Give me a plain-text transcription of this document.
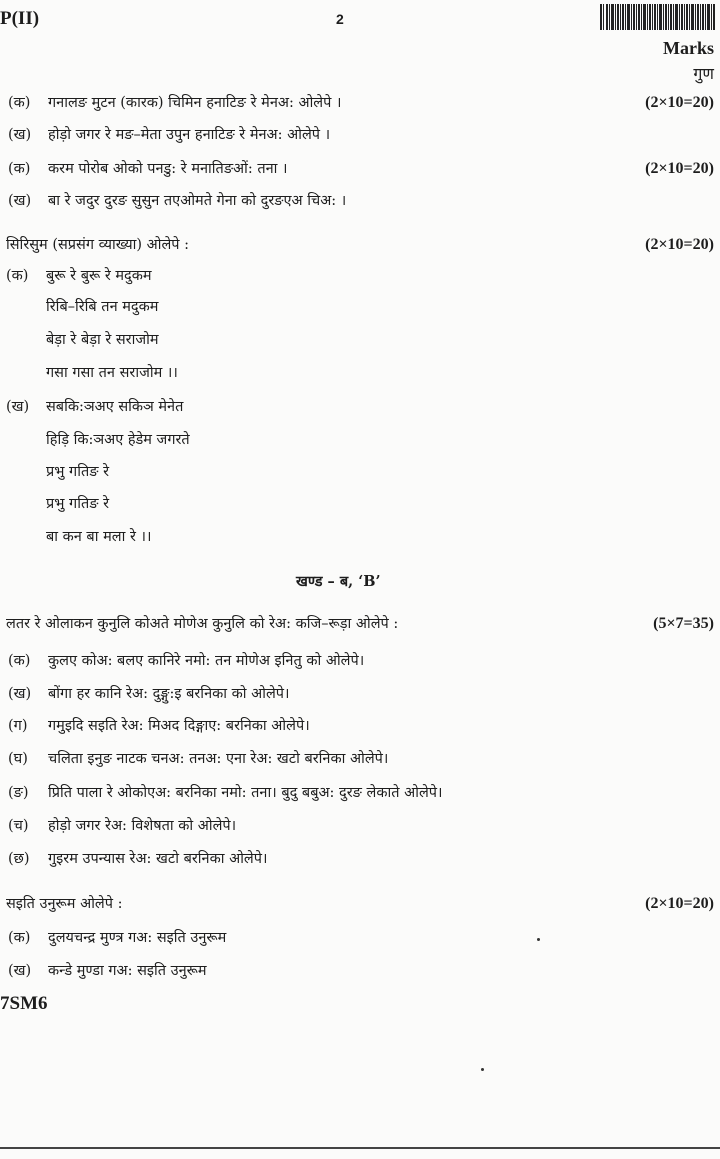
P(II)	2
Marks
गुण
(क) गनालङ मुटन (कारक) चिमिन हनाटिङ रे मेनअ: ओलेपे ।	(2×10=20)
(ख) होड़ो जगर रे मङ–मेता उपुन हनाटिङ रे मेनअ: ओलेपे ।
(क) करम पोरोब ओको पनडु: रे मनातिङओं: तना ।	(2×10=20)
(ख) बा रे जदुर दुरङ सुसुन तएओमते गेना को दुरङएअ चिअ: ।
सिरिसुम (सप्रसंग व्याख्या) ओलेपे :	(2×10=20)
(क) बुरू रे बुरू रे मदुकम
रिबि–रिबि तन मदुकम
बेड़ा रे बेड़ा रे सराजोम
गसा गसा तन सराजोम ।।
(ख) सबकि:ञअए सकिञ मेनेत
हिड़ि कि:ञअए हेडेम जगरते
प्रभु गतिङ रे
प्रभु गतिङ रे
बा कन बा मला रे ।।
खण्ड – ब, ‘B’
लतर रे ओलाकन कुनुलि कोअते मोणेअ कुनुलि को रेअ: कजि–रूड़ा ओलेपे :	(5×7=35)
(क) कुलए कोअ: बलए कानिरे नमो: तन मोणेअ इनितु को ओलेपे।
(ख) बोंगा हर कानि रेअ: दुङ्गु:इ बरनिका को ओलेपे।
(ग) गमुइदि सइति रेअ: मिअद दिङ्गाए: बरनिका ओलेपे।
(घ) चलिता इनुङ नाटक चनअ: तनअ: एना रेअ: खटो बरनिका ओलेपे।
(ङ) प्रिति पाला रे ओकोएअ: बरनिका नमो: तना। बुदु बबुअ: दुरङ लेकाते ओलेपे।
(च) होड़ो जगर रेअ: विशेषता को ओलेपे।
(छ) गुइरम उपन्यास रेअ: खटो बरनिका ओलेपे।
सइति उनुरूम ओलेपे :	(2×10=20)
(क) दुलयचन्द्र मुण्त्र गअ: सइति उनुरूम
(ख) कन्डे मुण्डा गअ: सइति उनुरूम
7SM6
